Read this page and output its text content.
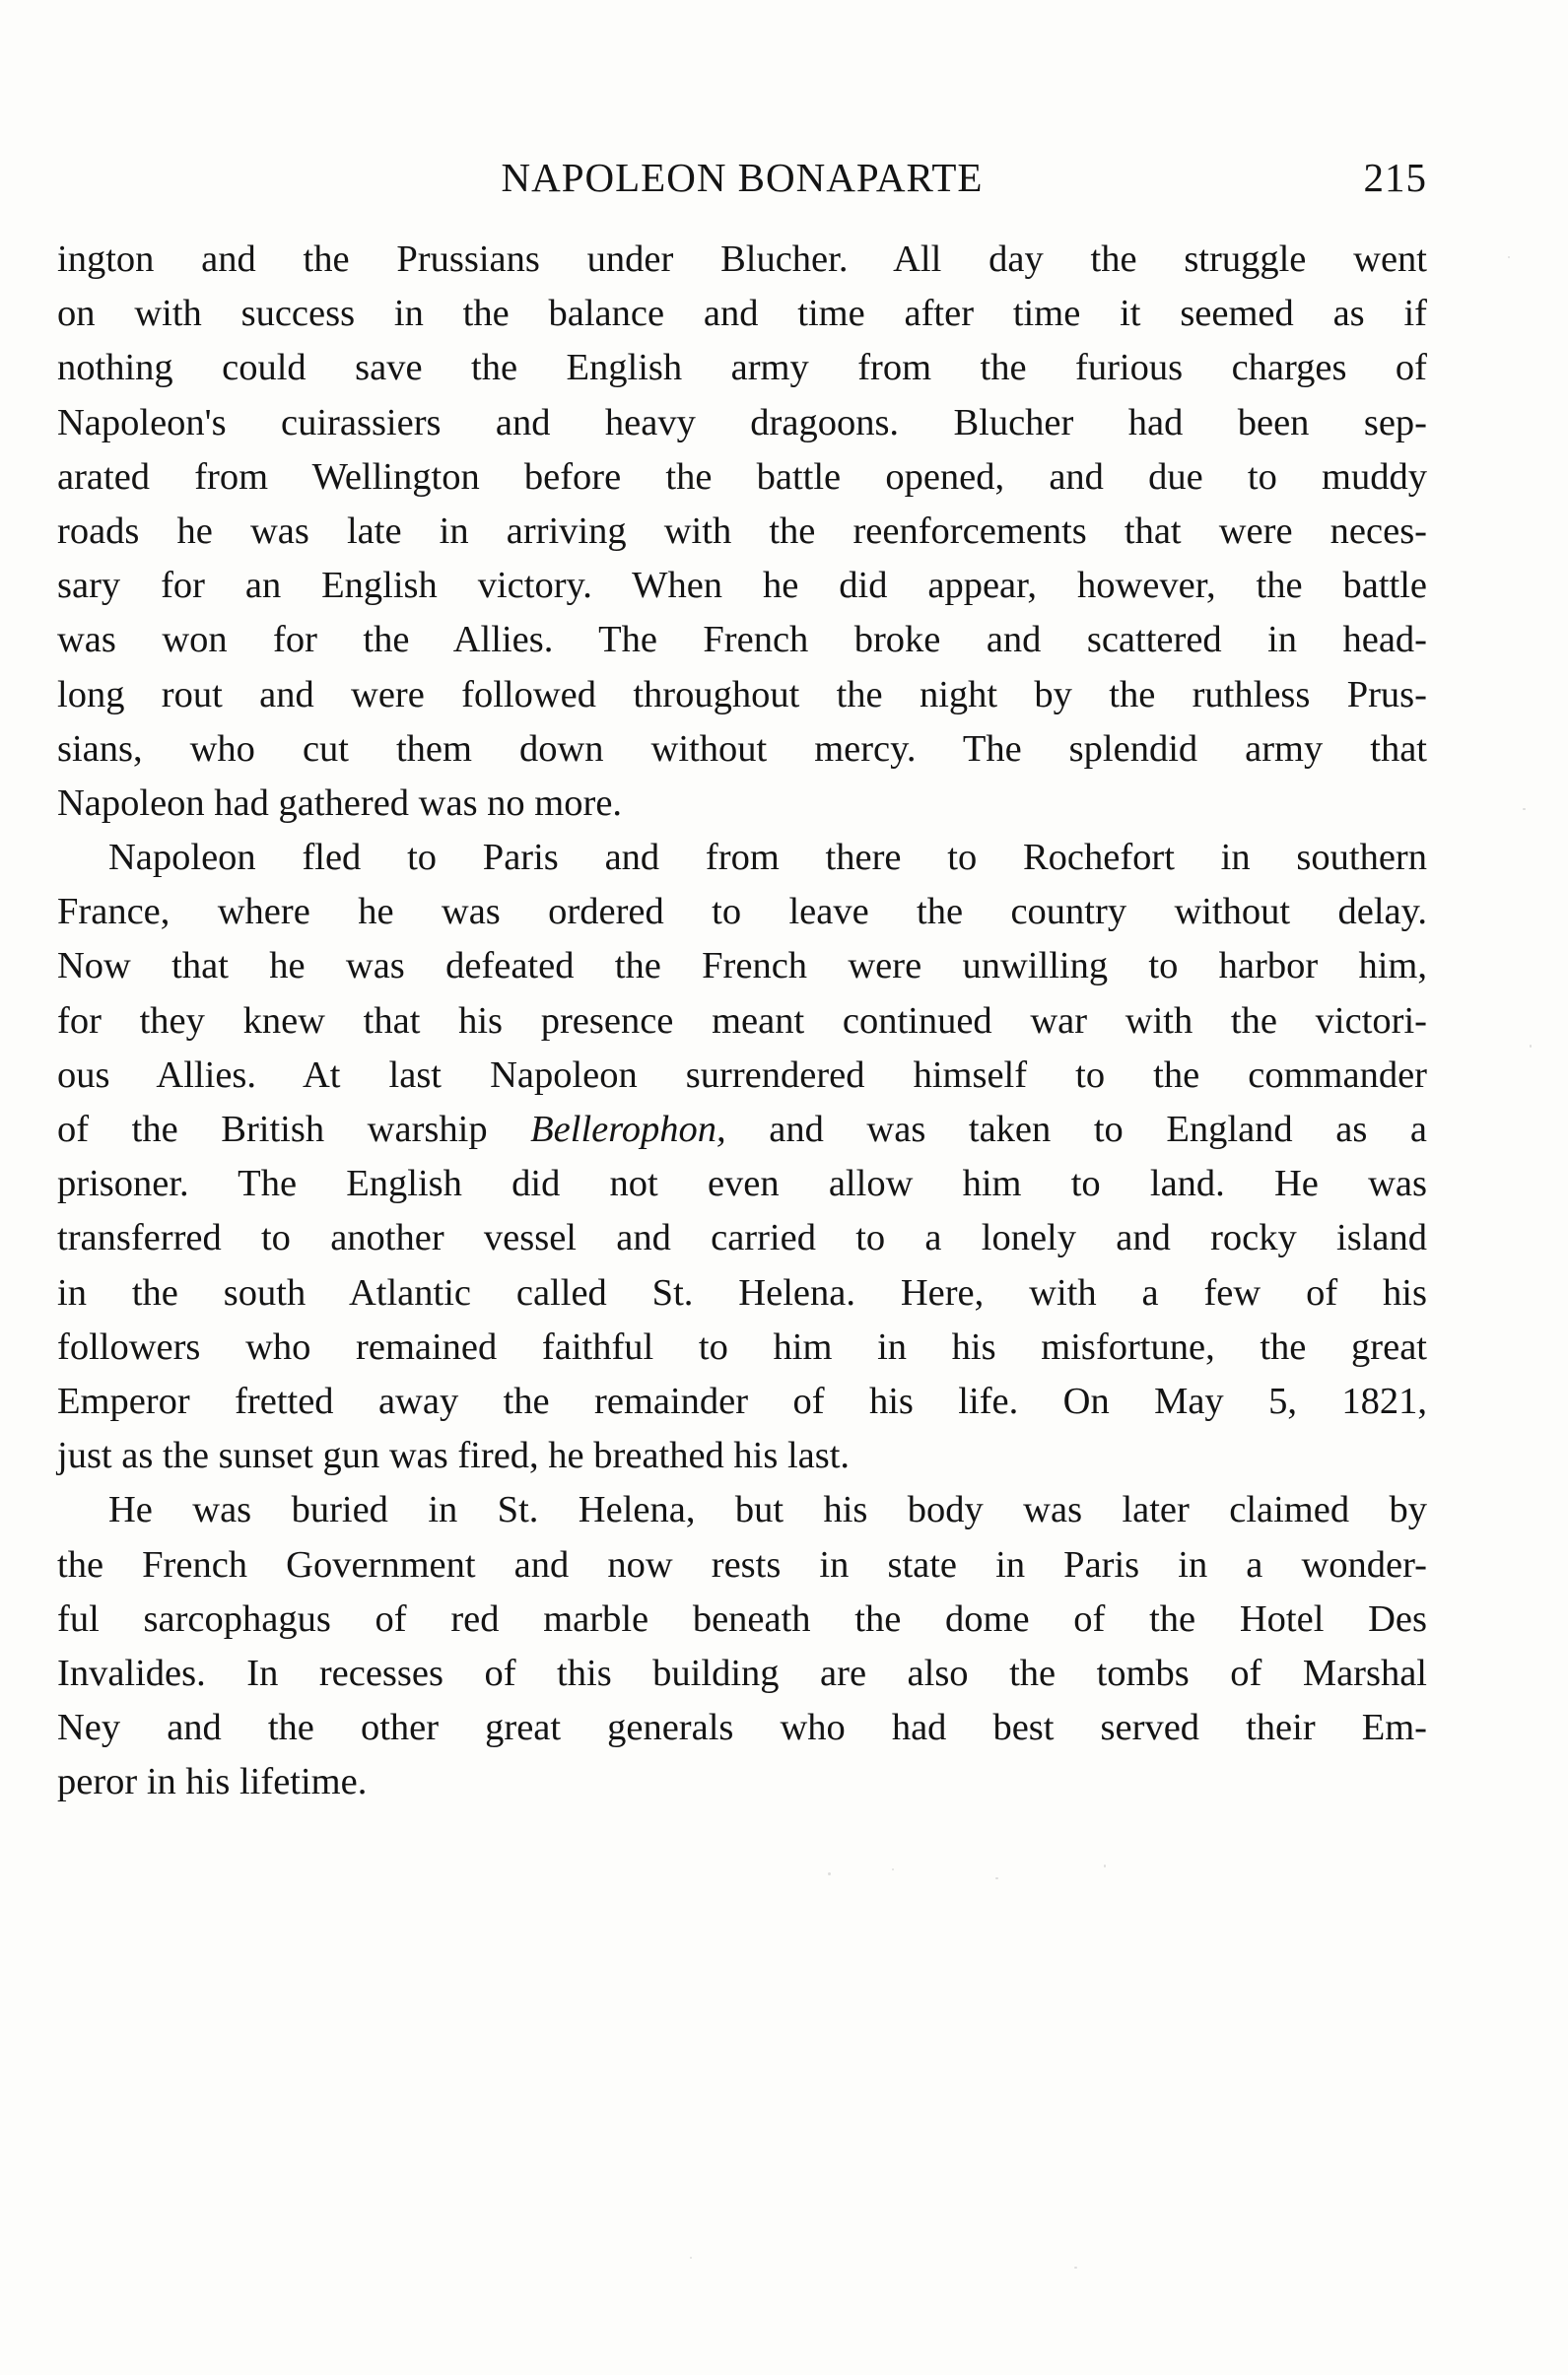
NAPOLEON BONAPARTE	215
ington and the Prussians under Blucher. All day the struggle went
on with success in the balance and time after time it seemed as if
nothing could save the English army from the furious charges of
Napoleon's cuirassiers and heavy dragoons. Blucher had been sep-
arated from Wellington before the battle opened, and due to muddy
roads he was late in arriving with the reenforcements that were neces-
sary for an English victory. When he did appear, however, the battle
was won for the Allies. The French broke and scattered in head-
long rout and were followed throughout the night by the ruthless Prus-
sians, who cut them down without mercy. The splendid army that
Napoleon had gathered was no more.
Napoleon fled to Paris and from there to Rochefort in southern
France, where he was ordered to leave the country without delay.
Now that he was defeated the French were unwilling to harbor him,
for they knew that his presence meant continued war with the victori-
ous Allies. At last Napoleon surrendered himself to the commander
of the British warship Bellerophon, and was taken to England as a
prisoner. The English did not even allow him to land. He was
transferred to another vessel and carried to a lonely and rocky island
in the south Atlantic called St. Helena. Here, with a few of his
followers who remained faithful to him in his misfortune, the great
Emperor fretted away the remainder of his life. On May 5, 1821,
just as the sunset gun was fired, he breathed his last.
He was buried in St. Helena, but his body was later claimed by
the French Government and now rests in state in Paris in a wonder-
ful sarcophagus of red marble beneath the dome of the Hotel Des
Invalides. In recesses of this building are also the tombs of Marshal
Ney and the other great generals who had best served their Em-
peror in his lifetime.
